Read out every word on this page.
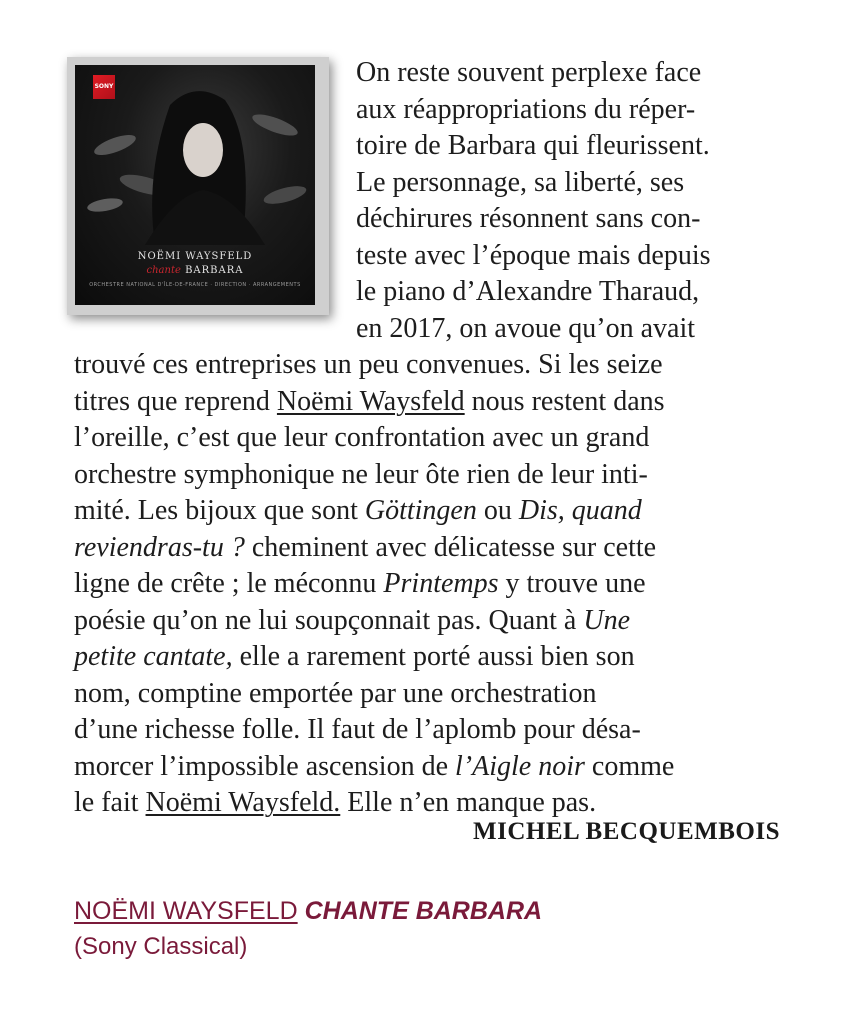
SONY
NOËMI WAYSFELD
chante BARBARA
ORCHESTRE NATIONAL D'ÎLE-DE-FRANCE · DIRECTION · ARRANGEMENTS
On reste souvent perplexe face
aux réappropriations du réper-
toire de Barbara qui fleurissent.
Le personnage, sa liberté, ses
déchirures résonnent sans con-
teste avec l’époque mais depuis
le piano d’Alexandre Tharaud,
en 2017, on avoue qu’on avait
trouvé ces entreprises un peu convenues. Si les seize
titres que reprend Noëmi Waysfeld nous restent dans
l’oreille, c’est que leur confrontation avec un grand
orchestre symphonique ne leur ôte rien de leur inti-
mité. Les bijoux que sont Göttingen ou Dis, quand
reviendras-tu ? cheminent avec délicatesse sur cette
ligne de crête ; le méconnu Printemps y trouve une
poésie qu’on ne lui soupçonnait pas. Quant à Une
petite cantate, elle a rarement porté aussi bien son
nom, comptine emportée par une orchestration
d’une richesse folle. Il faut de l’aplomb pour désa-
morcer l’impossible ascension de l’Aigle noir comme
le fait Noëmi Waysfeld. Elle n’en manque pas.
MICHEL BECQUEMBOIS
NOËMI WAYSFELD CHANTE BARBARA
(Sony Classical)
